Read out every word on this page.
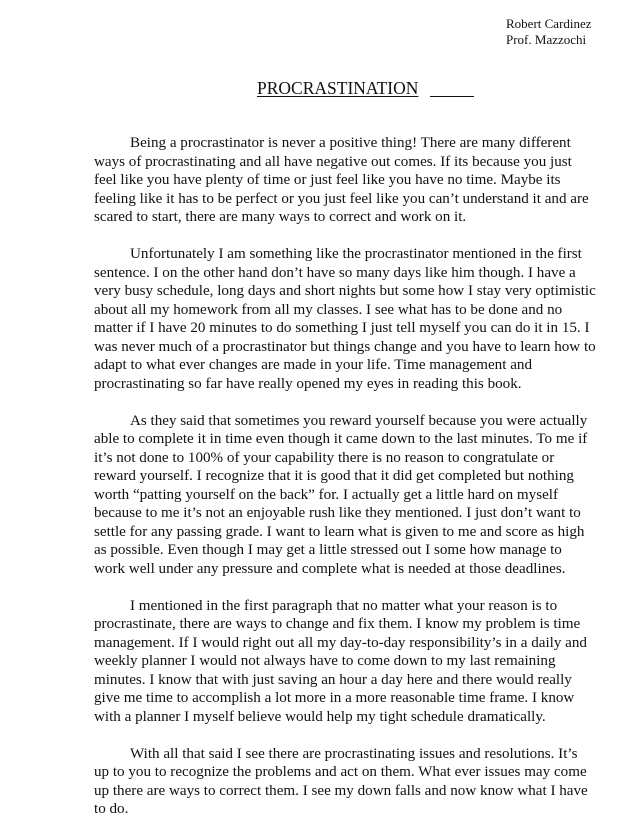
Robert Cardinez
Prof. Mazzochi
PROCRASTINATION

Being a procrastinator is never a positive thing! There are many different ways of procrastinating and all have negative out comes. If its because you just feel like you have plenty of time or just feel like you have no time. Maybe its feeling like it has to be perfect or you just feel like you can’t understand it and are scared to start, there are many ways to correct and work on it.

Unfortunately I am something like the procrastinator mentioned in the first sentence. I on the other hand don’t have so many days like him though. I have a very busy schedule, long days and short nights but some how I stay very optimistic about all my homework from all my classes. I see what has to be done and no matter if I have 20 minutes to do something I just tell myself you can do it in 15. I was never much of a procrastinator but things change and you have to learn how to adapt to what ever changes are made in your life. Time management and procrastinating so far have really opened my eyes in reading this book.

As they said that sometimes you reward yourself because you were actually able to complete it in time even though it came down to the last minutes. To me if it’s not done to 100% of your capability there is no reason to congratulate or reward yourself. I recognize that it is good that it did get completed but nothing worth “patting yourself on the back” for. I actually get a little hard on myself because to me it’s not an enjoyable rush like they mentioned. I just don’t want to settle for any passing grade. I want to learn what is given to me and score as high as possible. Even though I may get a little stressed out I some how manage to work well under any pressure and complete what is needed at those deadlines.

I mentioned in the first paragraph that no matter what your reason is to procrastinate, there are ways to change and fix them. I know my problem is time management. If I would right out all my day-to-day responsibility’s in a daily and weekly planner I would not always have to come down to my last remaining minutes. I know that with just saving an hour a day here and there would really give me time to accomplish a lot more in a more reasonable time frame. I know with a planner I myself believe would help my tight schedule dramatically.

With all that said I see there are procrastinating issues and resolutions. It’s up to you to recognize the problems and act on them. What ever issues may come up there are ways to correct them. I see my down falls and now know what I have to do.
